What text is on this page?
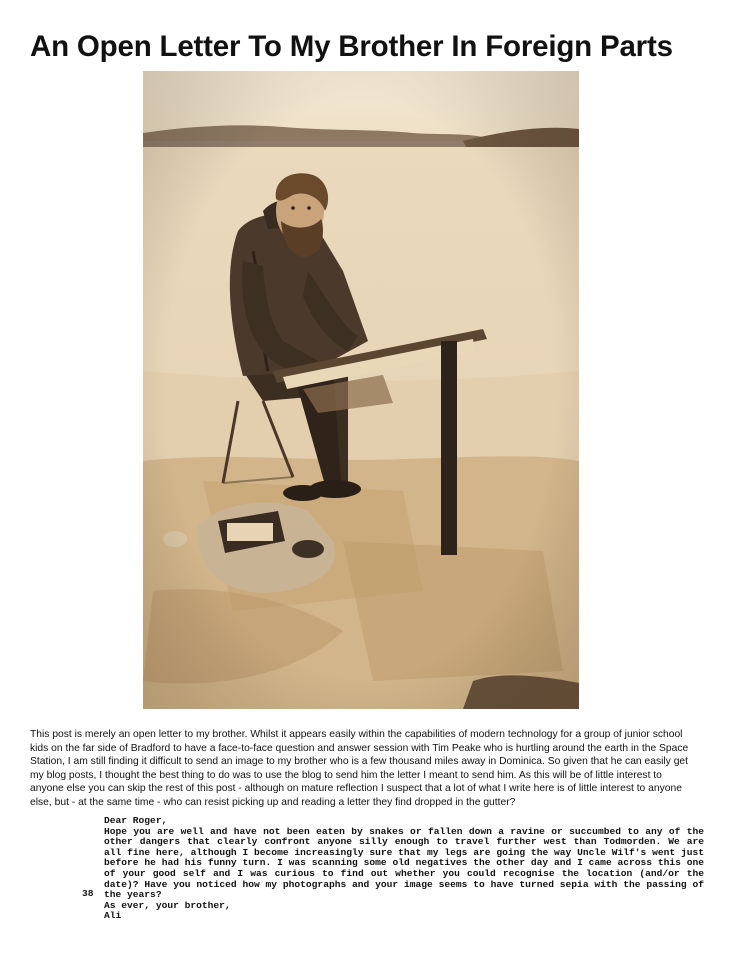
An Open Letter To My Brother In Foreign Parts

This post is merely an open letter to my brother. Whilst it appears easily within the capabilities of modern technology for a group of junior school kids on the far side of Bradford to have a face-to-face question and answer session with Tim Peake who is hurtling around the earth in the Space Station, I am still finding it difficult to send an image to my brother who is a few thousand miles away in Dominica. So given that he can easily get my blog posts, I thought the best thing to do was to use the blog to send him the letter I meant to send him. As this will be of little interest to anyone else you can skip the rest of this post - although on mature reflection I suspect that a lot of what I write here is of little interest to anyone else, but - at the same time - who can resist picking up and reading a letter they find dropped in the gutter?

Dear Roger,

Hope you are well and have not been eaten by snakes or fallen down a ravine or succumbed to any of the other dangers that clearly confront anyone silly enough to travel further west than Todmorden. We are all fine here, although I become increasingly sure that my legs are going the way Uncle Wilf's went just before he had his funny turn. I was scanning some old negatives the other day and I came across this one of your good self and I was curious to find out whether you could recognise the location (and/or the date)? Have you noticed how my photographs and your image seems to have turned sepia with the passing of the years?

As ever, your brother,

Ali

38
